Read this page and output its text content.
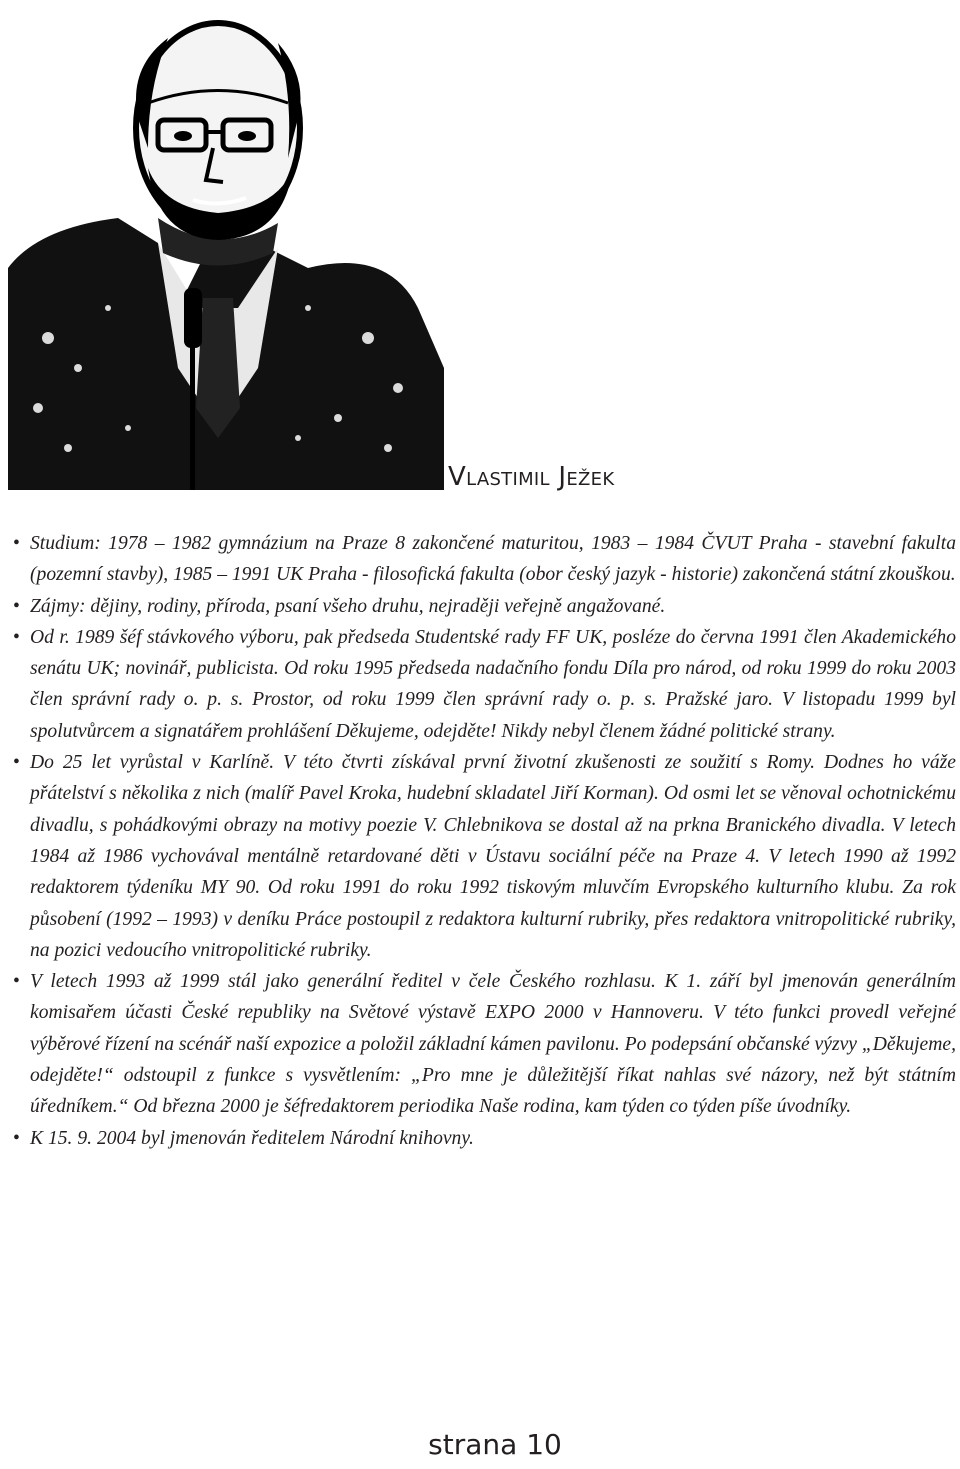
Vlastimil Ježek
• Studium: 1978 – 1982 gymnázium na Praze 8 zakončené maturitou, 1983 – 1984 ČVUT Praha - stavební fakulta (pozemní stavby), 1985 – 1991 UK Praha - filosofická fakulta (obor český jazyk - historie) zakončená státní zkouškou.
• Zájmy: dějiny, rodiny, příroda, psaní všeho druhu, nejraději veřejně angažované.
• Od r. 1989 šéf stávkového výboru, pak předseda Studentské rady FF UK, posléze do června 1991 člen Akademického senátu UK; novinář, publicista. Od roku 1995 předseda nadačního fondu Díla pro národ, od roku 1999 do roku 2003 člen správní rady o. p. s. Prostor, od roku 1999 člen správní rady o. p. s. Pražské jaro. V listopadu 1999 byl spolutvůrcem a signatářem prohlášení Děkujeme, odejděte! Nikdy nebyl členem žádné politické strany.
• Do 25 let vyrůstal v Karlíně. V této čtvrti získával první životní zkušenosti ze soužití s Romy. Dodnes ho váže přátelství s několika z nich (malíř Pavel Kroka, hudební skladatel Jiří Korman). Od osmi let se věnoval ochotnickému divadlu, s pohádkovými obrazy na motivy poezie V. Chlebnikova se dostal až na prkna Branického divadla. V letech 1984 až 1986 vychovával mentálně retardované děti v Ústavu sociální péče na Praze 4. V letech 1990 až 1992 redaktorem týdeníku MY 90. Od roku 1991 do roku 1992 tiskovým mluvčím Evropského kulturního klubu. Za rok působení (1992 – 1993) v deníku Práce postoupil z redaktora kulturní rubriky, přes redaktora vnitropolitické rubriky, na pozici vedoucího vnitropolitické rubriky.
• V letech 1993 až 1999 stál jako generální ředitel v čele Českého rozhlasu. K 1. září byl jmenován generálním komisařem účasti České republiky na Světové výstavě EXPO 2000 v Hannoveru. V této funkci provedl veřejné výběrové řízení na scénář naší expozice a položil základní kámen pavilonu. Po podepsání občanské výzvy „Děkujeme, odejděte!“ odstoupil z funkce s vysvětlením: „Pro mne je důležitější říkat nahlas své názory, než být státním úředníkem.“ Od března 2000 je šéfredaktorem periodika Naše rodina, kam týden co týden píše úvodníky.
• K 15. 9. 2004 byl jmenován ředitelem Národní knihovny.
strana 10
